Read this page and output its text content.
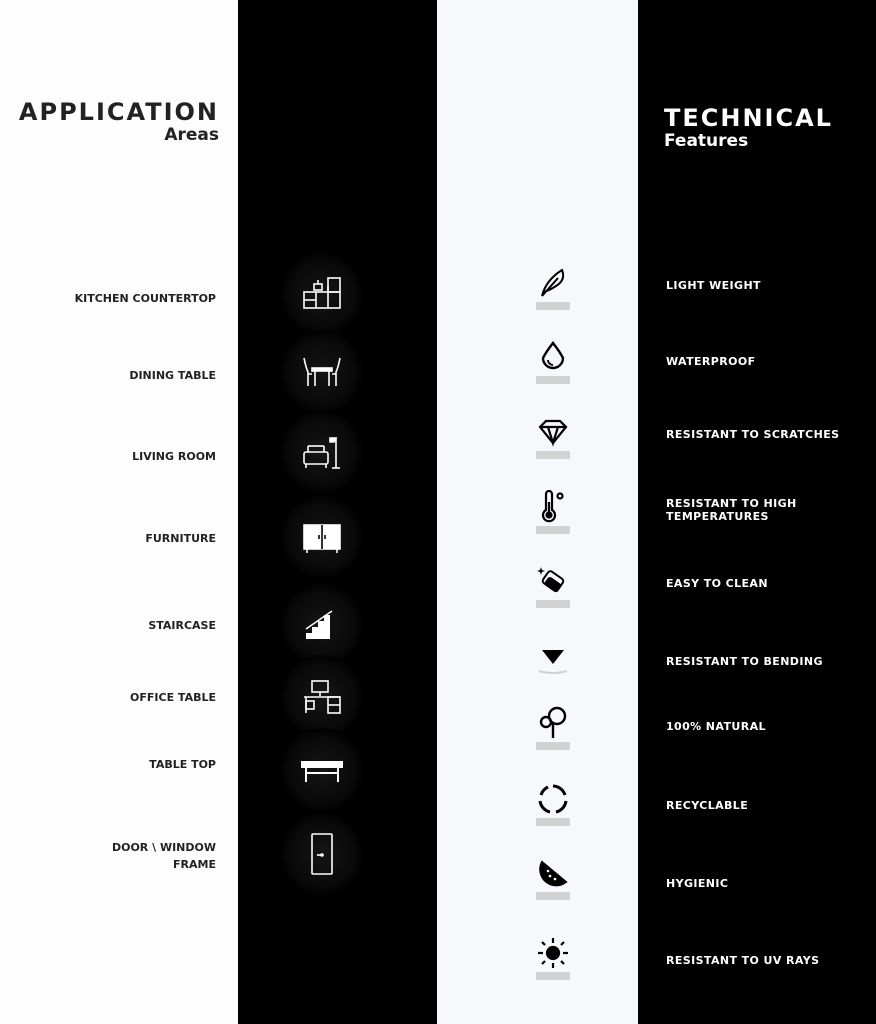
APPLICATION
Areas
KITCHEN COUNTERTOP
DINING TABLE
LIVING ROOM
FURNITURE
STAIRCASE
OFFICE TABLE
TABLE TOP
DOOR \ WINDOW
FRAME
TECHNICAL
Features
LIGHT WEIGHT
WATERPROOF
RESISTANT TO SCRATCHES
RESISTANT TO HIGH
TEMPERATURES
EASY TO CLEAN
RESISTANT TO BENDING
100% NATURAL
RECYCLABLE
HYGIENIC
RESISTANT TO UV RAYS
